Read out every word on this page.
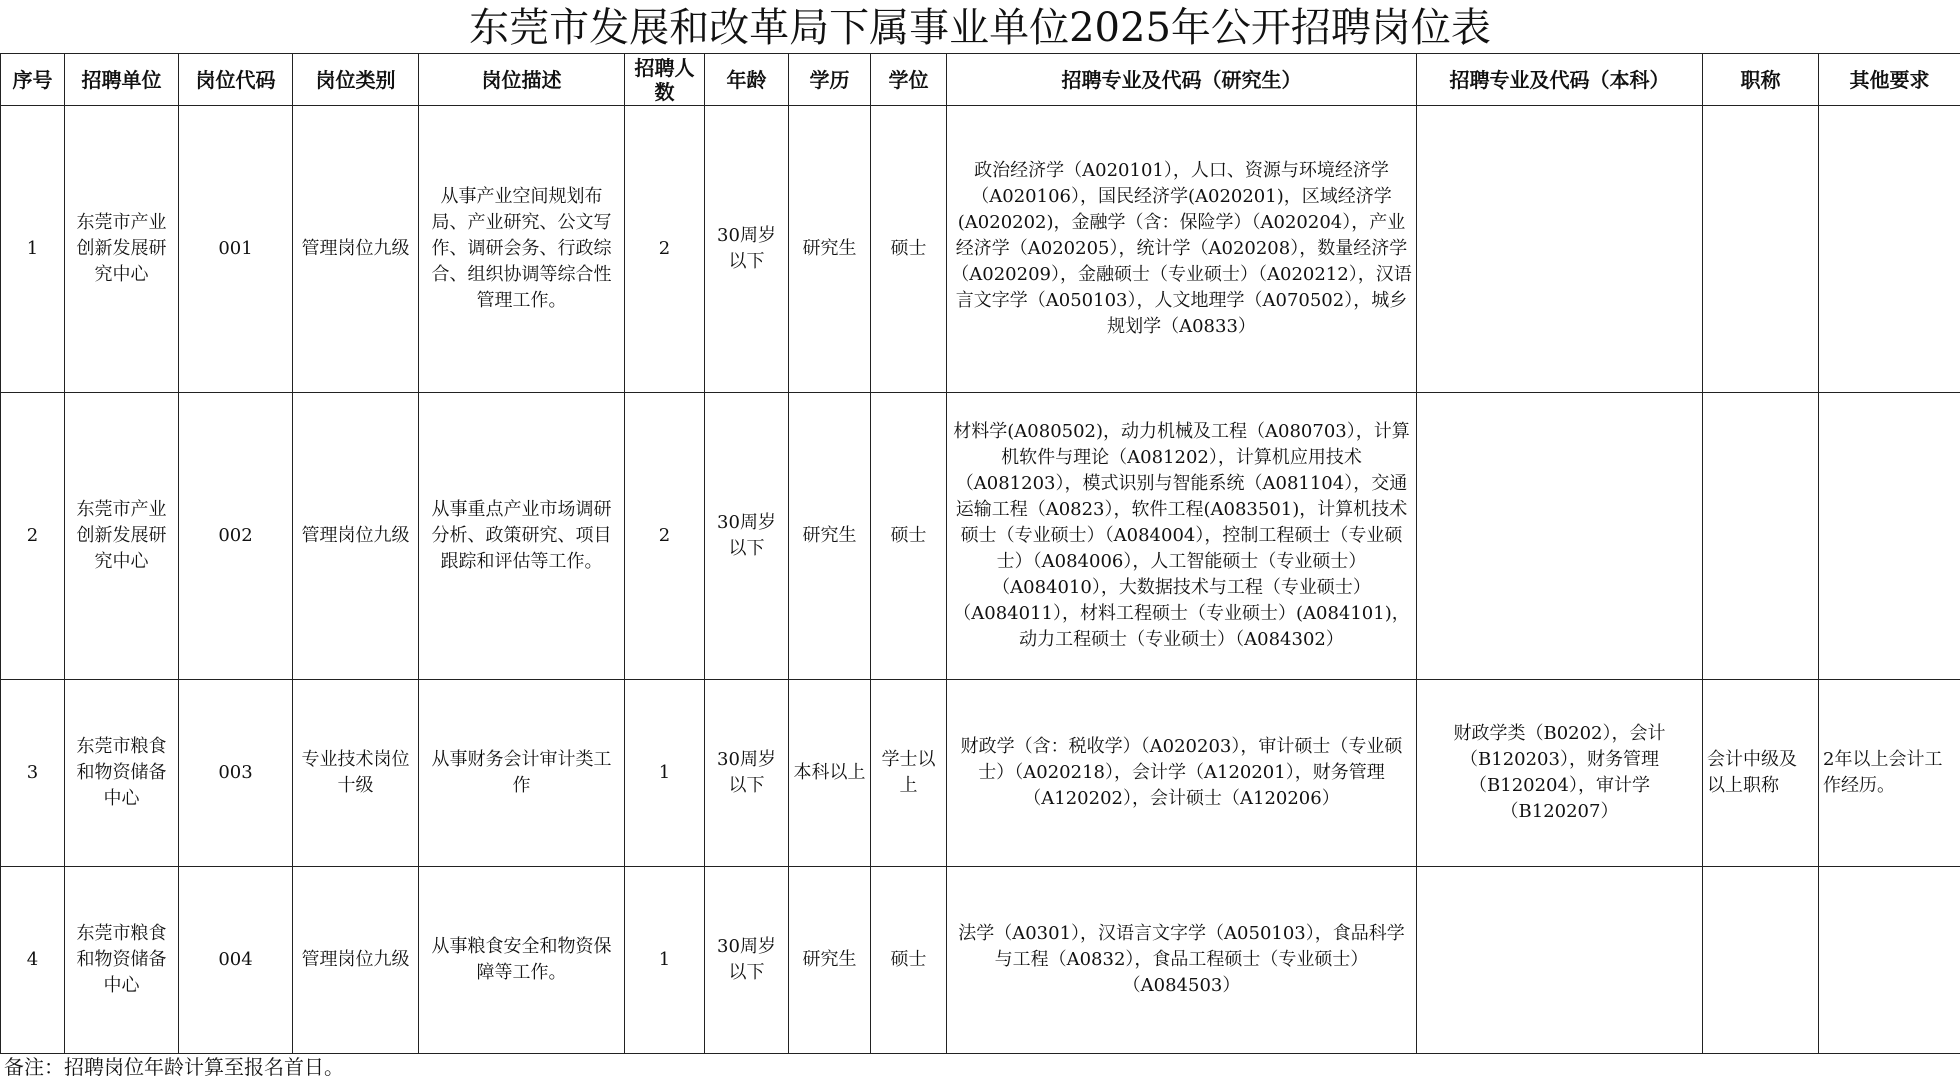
东莞市发展和改革局下属事业单位2025年公开招聘岗位表
序号	招聘单位	岗位代码	岗位类别	岗位描述	招聘人数	年龄	学历	学位	招聘专业及代码（研究生）	招聘专业及代码（本科）	职称	其他要求
1	东莞市产业创新发展研究中心	001	管理岗位九级	从事产业空间规划布局、产业研究、公文写作、调研会务、行政综合、组织协调等综合性管理工作。	2	30周岁以下	研究生	硕士	政治经济学（A020101），人口、资源与环境经济学（A020106），国民经济学(A020201)，区域经济学(A020202)，金融学（含：保险学）（A020204），产业经济学（A020205），统计学（A020208），数量经济学（A020209），金融硕士（专业硕士）（A020212），汉语言文字学（A050103），人文地理学（A070502），城乡规划学（A0833）			
2	东莞市产业创新发展研究中心	002	管理岗位九级	从事重点产业市场调研分析、政策研究、项目跟踪和评估等工作。	2	30周岁以下	研究生	硕士	材料学(A080502)，动力机械及工程（A080703），计算机软件与理论（A081202），计算机应用技术（A081203），模式识别与智能系统（A081104），交通运输工程（A0823），软件工程(A083501)，计算机技术硕士（专业硕士）（A084004），控制工程硕士（专业硕士）（A084006），人工智能硕士（专业硕士）（A084010），大数据技术与工程（专业硕士）（A084011），材料工程硕士（专业硕士）(A084101)，动力工程硕士（专业硕士）（A084302）			
3	东莞市粮食和物资储备中心	003	专业技术岗位十级	从事财务会计审计类工作	1	30周岁以下	本科以上	学士以上	财政学（含：税收学）（A020203），审计硕士（专业硕士）（A020218），会计学（A120201），财务管理（A120202），会计硕士（A120206）	财政学类（B0202），会计（B120203），财务管理（B120204），审计学（B120207）	会计中级及以上职称	2年以上会计工作经历。
4	东莞市粮食和物资储备中心	004	管理岗位九级	从事粮食安全和物资保障等工作。	1	30周岁以下	研究生	硕士	法学（A0301），汉语言文字学（A050103），食品科学与工程（A0832），食品工程硕士（专业硕士）（A084503）			
备注：招聘岗位年龄计算至报名首日。
